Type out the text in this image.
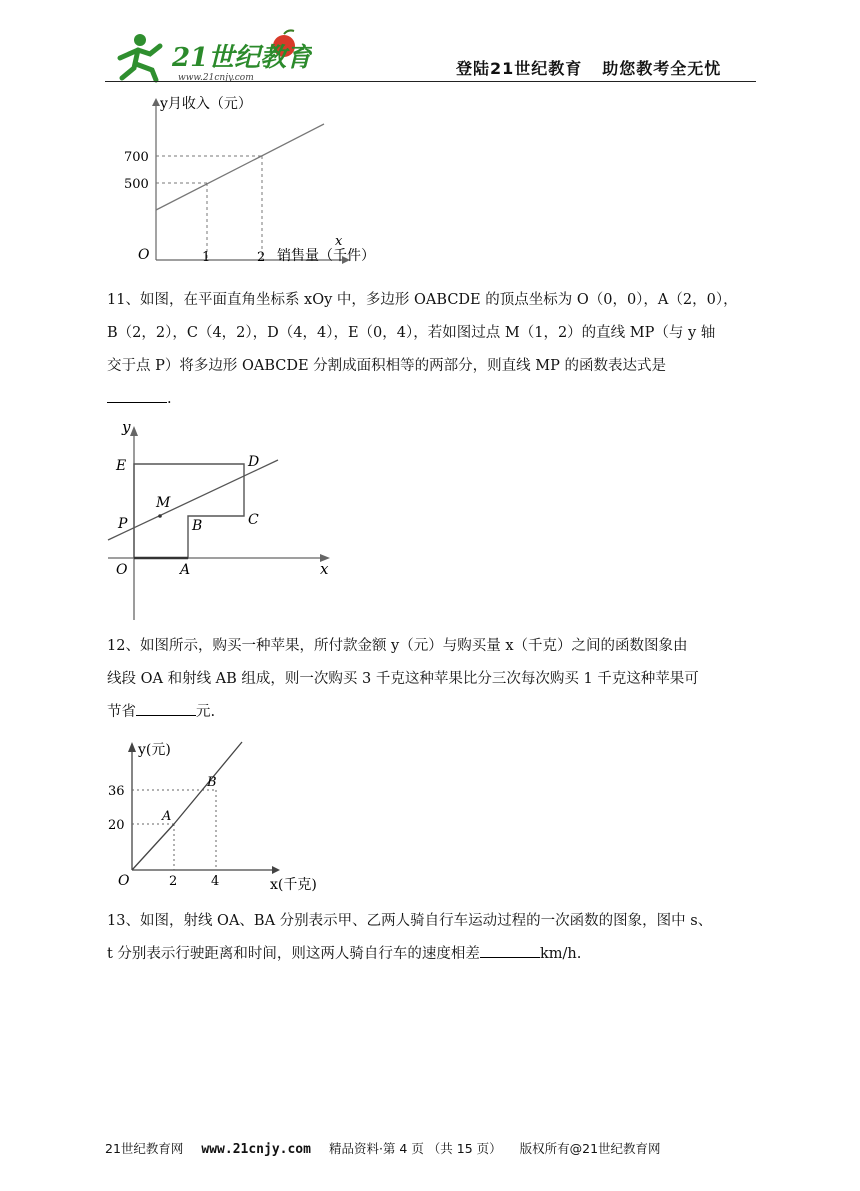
21世纪教育
www.21cnjy.com	登陆21世纪教育 助您教考全无忧
y月收入（元）
700
500
O	1	2
x
销售量（千件）
11、如图，在平面直角坐标系 xOy 中，多边形 OABCDE 的顶点坐标为 O（0，0），A（2，0），
B（2，2），C（4，2），D（4，4），E（0，4），若如图过点 M（1，2）的直线 MP（与 y 轴
交于点 P）将多边形 OABCDE 分割成面积相等的两部分，则直线 MP 的函数表达式是
.
y
x
O	A
B	C
D
E
M
P
12、如图所示，购买一种苹果，所付款金额 y（元）与购买量 x（千克）之间的函数图象由
线段 OA 和射线 AB 组成，则一次购买 3 千克这种苹果比分三次每次购买 1 千克这种苹果可
节省	元.
y(元)
36
20
O	2	4	x(千克)
A
B
13、如图，射线 OA、BA 分别表示甲、乙两人骑自行车运动过程的一次函数的图象，图中 s、
t 分别表示行驶距离和时间，则这两人骑自行车的速度相差	km/h.
21世纪教育网 www.21cnjy.com 精品资料·第 4 页 （共 15 页） 版权所有@21世纪教育网
